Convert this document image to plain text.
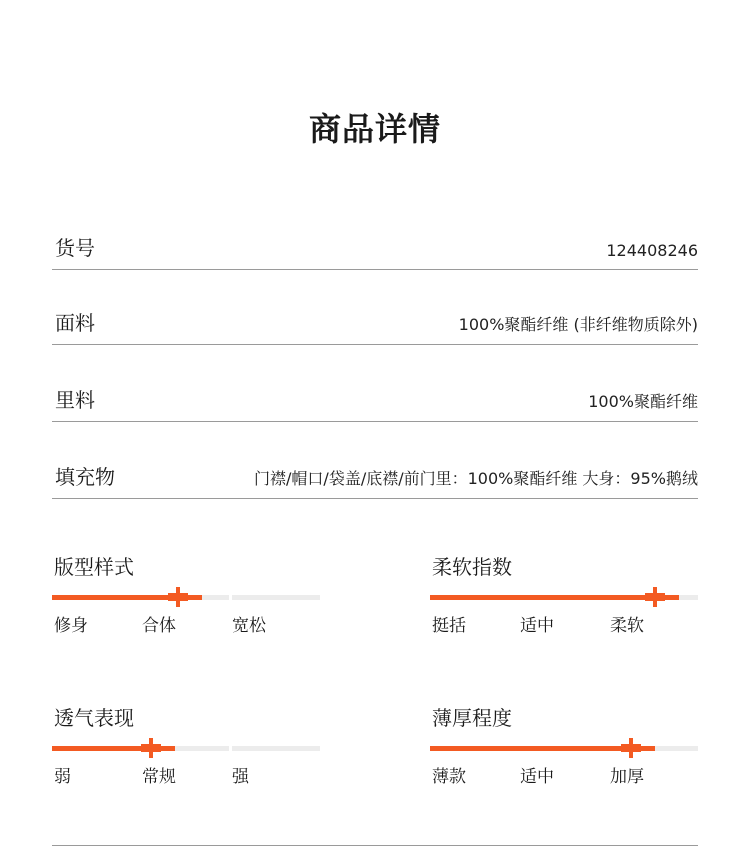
商品详情
货号	124408246
面料	100%聚酯纤维 (非纤维物质除外)
里料	100%聚酯纤维
填充物	门襟/帽口/袋盖/底襟/前门里：100%聚酯纤维 大身：95%鹅绒
版型样式
修身	合体	宽松
柔软指数
挺括	适中	柔软
透气表现
弱	常规	强
薄厚程度
薄款	适中	加厚
